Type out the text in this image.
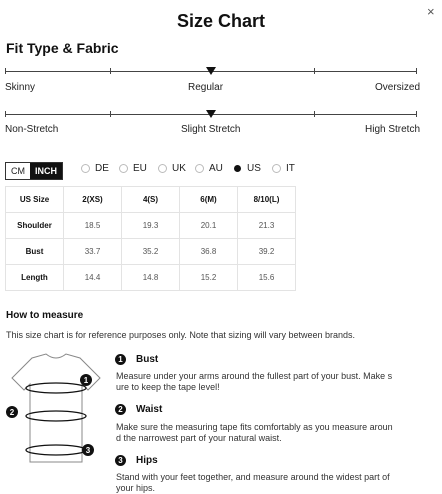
Size Chart	×
Fit Type & Fabric
Skinny	Regular	Oversized
Non-Stretch	Slight Stretch	High Stretch
CM	INCH	DE EU	UK AU US	IT
US Size	2(XS)	4(S)	6(M)	8/10(L)
Shoulder	18.5	19.3	20.1	21.3
Bust	33.7	35.2	36.8	39.2
Length	14.4	14.8	15.2	15.6
How to measure
This size chart is for reference purposes only. Note that sizing will vary between brands.
1
2
3
1	Bust
Measure under your arms around the fullest part of your bust. Make s
ure to keep the tape level!
2	Waist
Make sure the measuring tape fits comfortably as you measure aroun
d the narrowest part of your natural waist.
3	Hips
Stand with your feet together, and measure around the widest part of
your hips.
